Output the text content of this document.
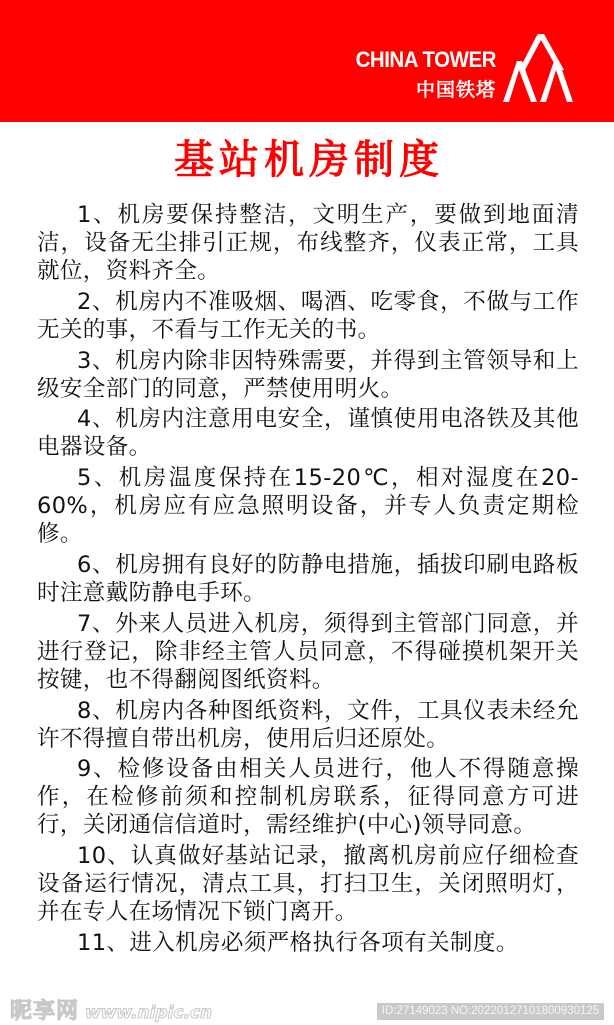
CHINA TOWER
中国铁塔
基站机房制度

1、机房要保持整洁，文明生产，要做到地面清洁，设备无尘排引正规，布线整齐，仪表正常，工具就位，资料齐全。

2、机房内不准吸烟、喝酒、吃零食，不做与工作无关的事，不看与工作无关的书。

3、机房内除非因特殊需要，并得到主管领导和上级安全部门的同意，严禁使用明火。

4、机房内注意用电安全，谨慎使用电洛铁及其他电器设备。

5、机房温度保持在15-20℃，相对湿度在20-60%，机房应有应急照明设备，并专人负责定期检修。

6、机房拥有良好的防静电措施，插拔印刷电路板时注意戴防静电手环。

7、外来人员进入机房，须得到主管部门同意，并进行登记，除非经主管人员同意，不得碰摸机架开关按键，也不得翻阅图纸资料。

8、机房内各种图纸资料，文件，工具仪表未经允许不得擅自带出机房，使用后归还原处。

9、检修设备由相关人员进行，他人不得随意操作，在检修前须和控制机房联系，征得同意方可进行，关闭通信信道时，需经维护(中心)领导同意。

10、认真做好基站记录，撤离机房前应仔细检查设备运行情况，清点工具，打扫卫生，关闭照明灯，并在专人在场情况下锁门离开。

11、进入机房必须严格执行各项有关制度。

昵享网 www.nipic.cn	ID:27149023 NO:20220127101800930125
